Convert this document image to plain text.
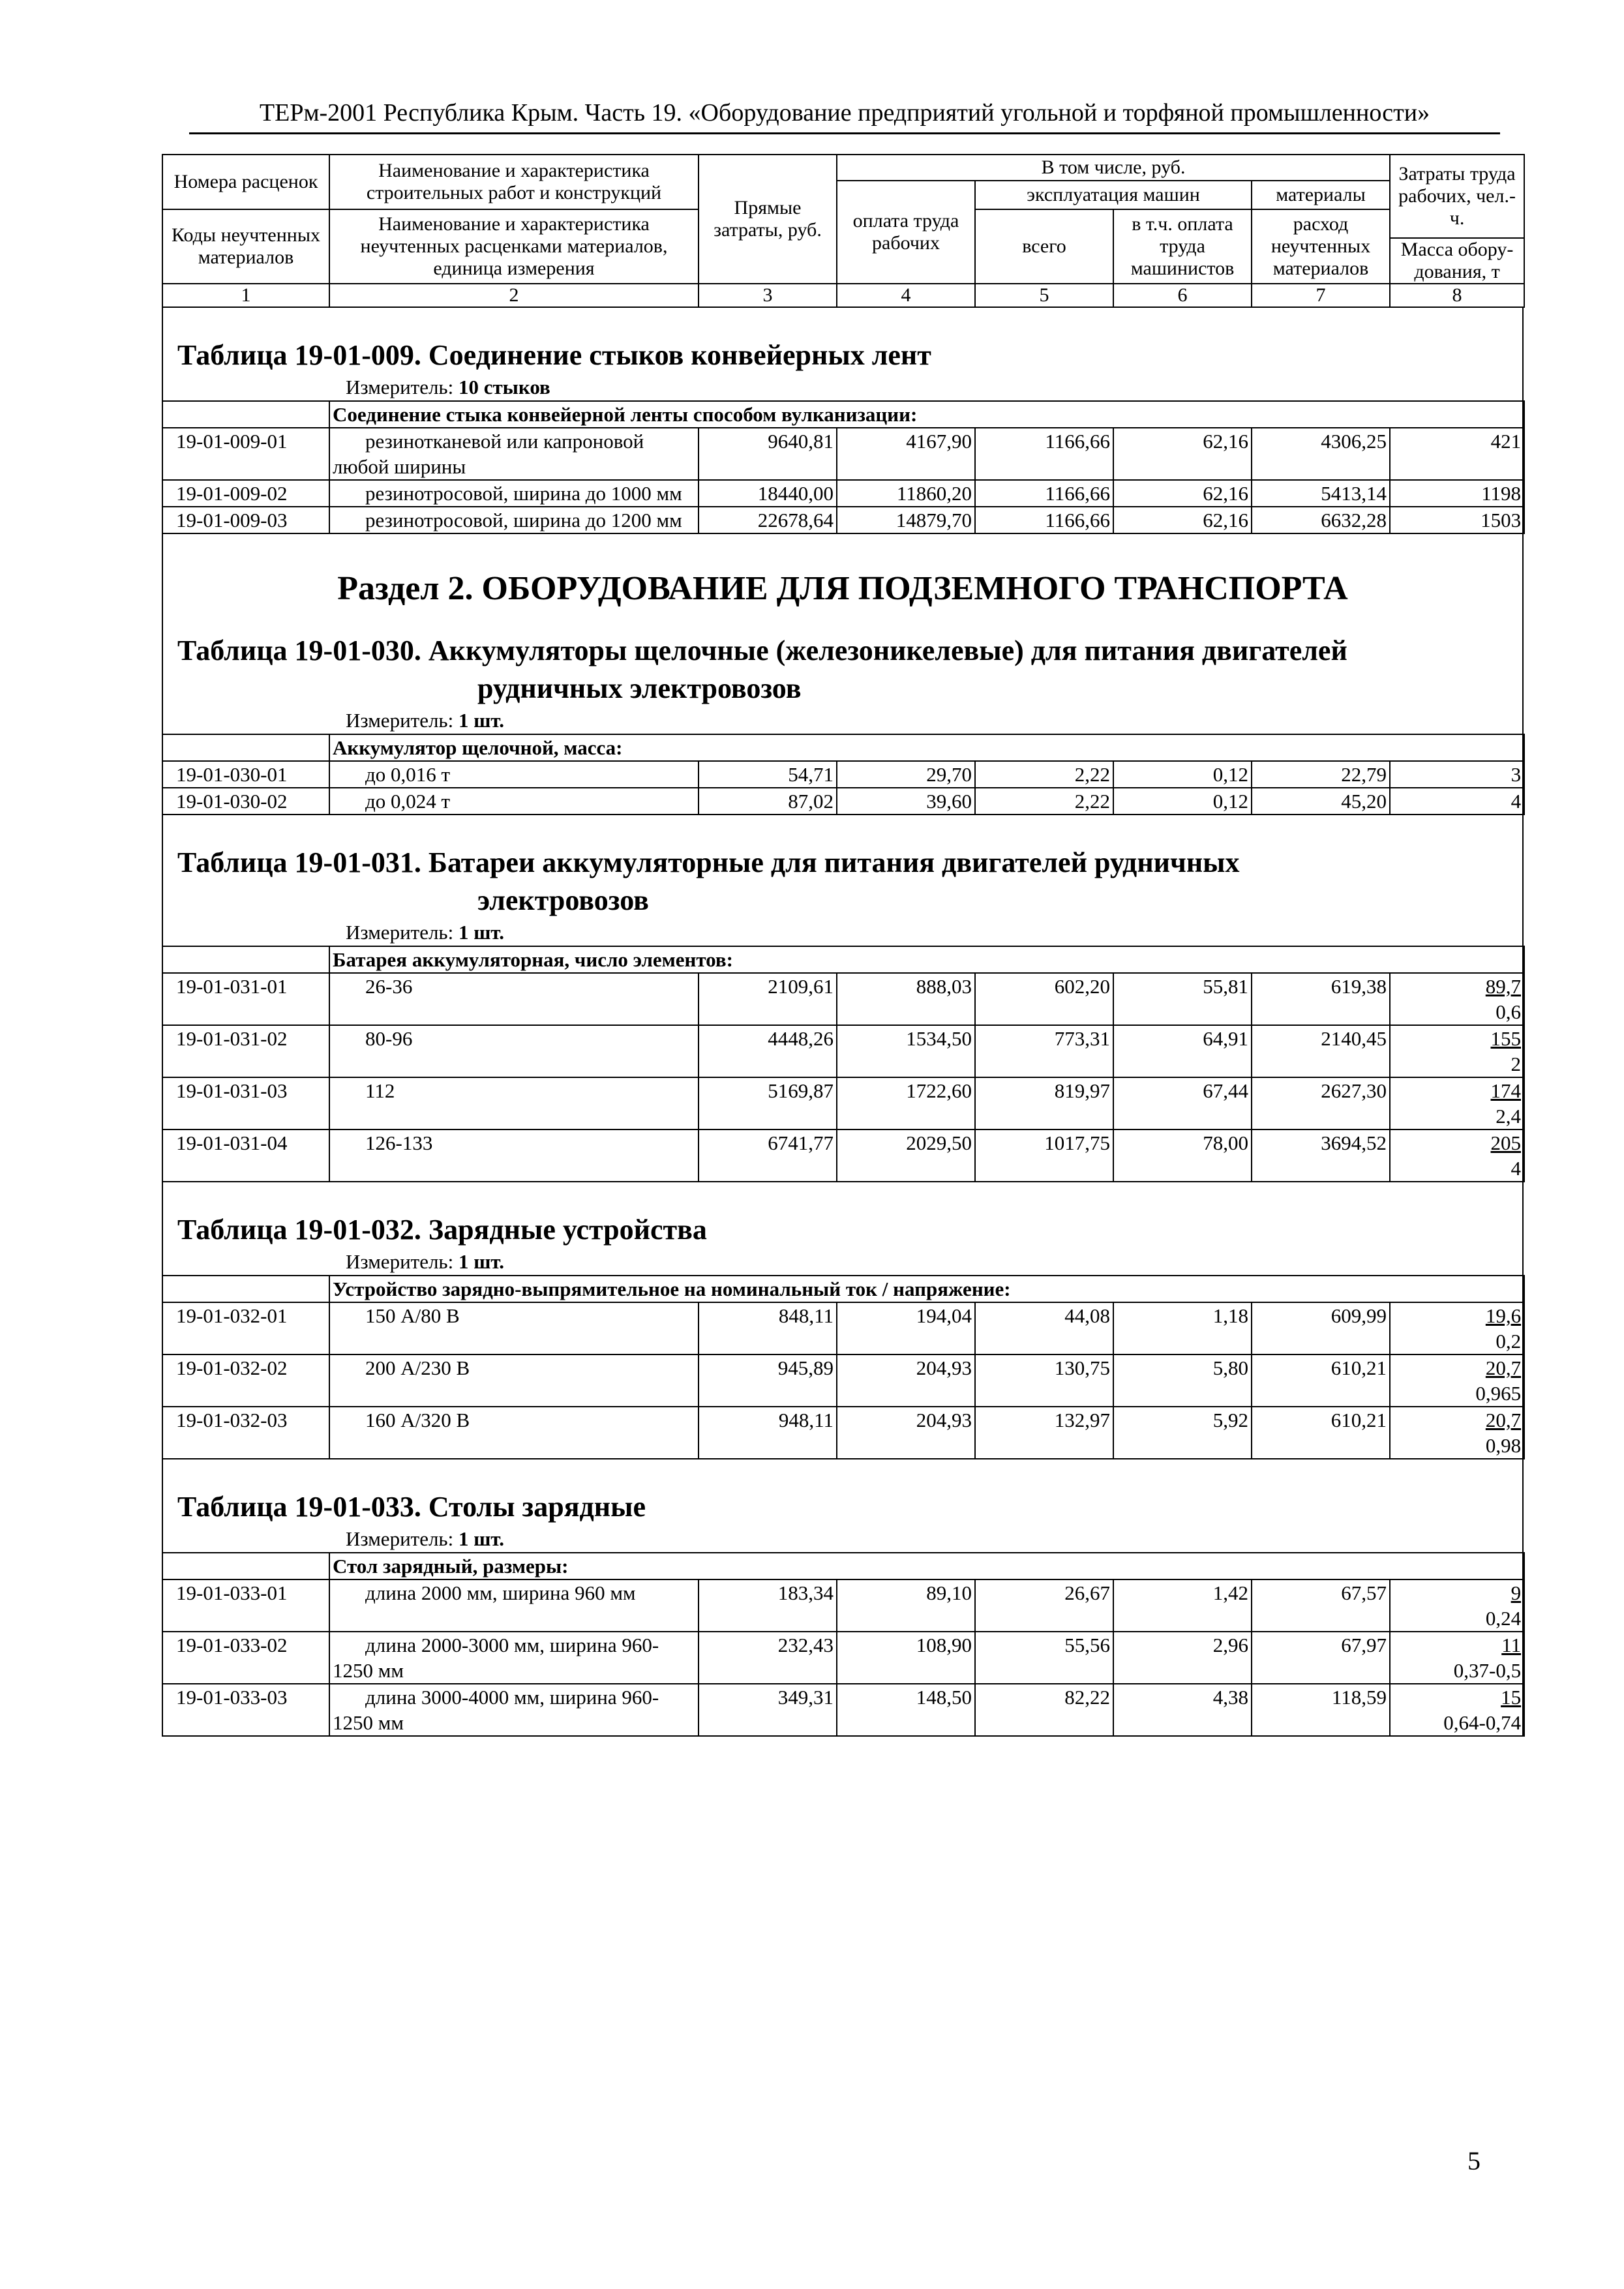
ТЕРм-2001 Республика Крым. Часть 19. «Оборудование предприятий угольной и торфяной промышленности»
Номера расценок	Наименование и характеристика строительных работ и конструкций	Прямые затраты, руб.	В том числе, руб.				Затраты труда рабочих, чел.-ч.
			оплата труда рабочих	эксплуатация машин		материалы	
Коды неучтенных материалов	Наименование и характеристика неучтенных расценками материалов, единица измерения			всего	в т.ч. оплата труда машинистов	расход неучтенных материалов	
							Масса обору-дования, т
1	2	3	4	5	6	7	8
Таблица 19-01-009. Соединение стыков конвейерных лент
Измеритель: 10 стыков
	Соединение стыка конвейерной ленты способом вулканизации:						
19-01-009-01	резинотканевой или капроновой любой ширины	9640,81	4167,90	1166,66	62,16	4306,25	421
19-01-009-02	резинотросовой, ширина до 1000 мм	18440,00	11860,20	1166,66	62,16	5413,14	1198
19-01-009-03	резинотросовой, ширина до 1200 мм	22678,64	14879,70	1166,66	62,16	6632,28	1503
Раздел 2. ОБОРУДОВАНИЕ ДЛЯ ПОДЗЕМНОГО ТРАНСПОРТА
Таблица 19-01-030. Аккумуляторы щелочные (железоникелевые) для питания двигателей
рудничных электровозов
Измеритель: 1 шт.
	Аккумулятор щелочной, масса:						
19-01-030-01	до 0,016 т	54,71	29,70	2,22	0,12	22,79	3
19-01-030-02	до 0,024 т	87,02	39,60	2,22	0,12	45,20	4
Таблица 19-01-031. Батареи аккумуляторные для питания двигателей рудничных
электровозов
Измеритель: 1 шт.
	Батарея аккумуляторная, число элементов:						
19-01-031-01	26-36	2109,61	888,03	602,20	55,81	619,38	89,7
0,6
19-01-031-02	80-96	4448,26	1534,50	773,31	64,91	2140,45	155
2
19-01-031-03	112	5169,87	1722,60	819,97	67,44	2627,30	174
2,4
19-01-031-04	126-133	6741,77	2029,50	1017,75	78,00	3694,52	205
4
Таблица 19-01-032. Зарядные устройства
Измеритель: 1 шт.
	Устройство зарядно-выпрямительное на номинальный ток / напряжение:						
19-01-032-01	150 А/80 В	848,11	194,04	44,08	1,18	609,99	19,6
0,2
19-01-032-02	200 А/230 В	945,89	204,93	130,75	5,80	610,21	20,7
0,965
19-01-032-03	160 А/320 В	948,11	204,93	132,97	5,92	610,21	20,7
0,98
Таблица 19-01-033. Столы зарядные
Измеритель: 1 шт.
	Стол зарядный, размеры:						
19-01-033-01	длина 2000 мм, ширина 960 мм	183,34	89,10	26,67	1,42	67,57	9
0,24
19-01-033-02	длина 2000-3000 мм, ширина 960-1250 мм	232,43	108,90	55,56	2,96	67,97	11
0,37-0,5
19-01-033-03	длина 3000-4000 мм, ширина 960-1250 мм	349,31	148,50	82,22	4,38	118,59	15
0,64-0,74
5
